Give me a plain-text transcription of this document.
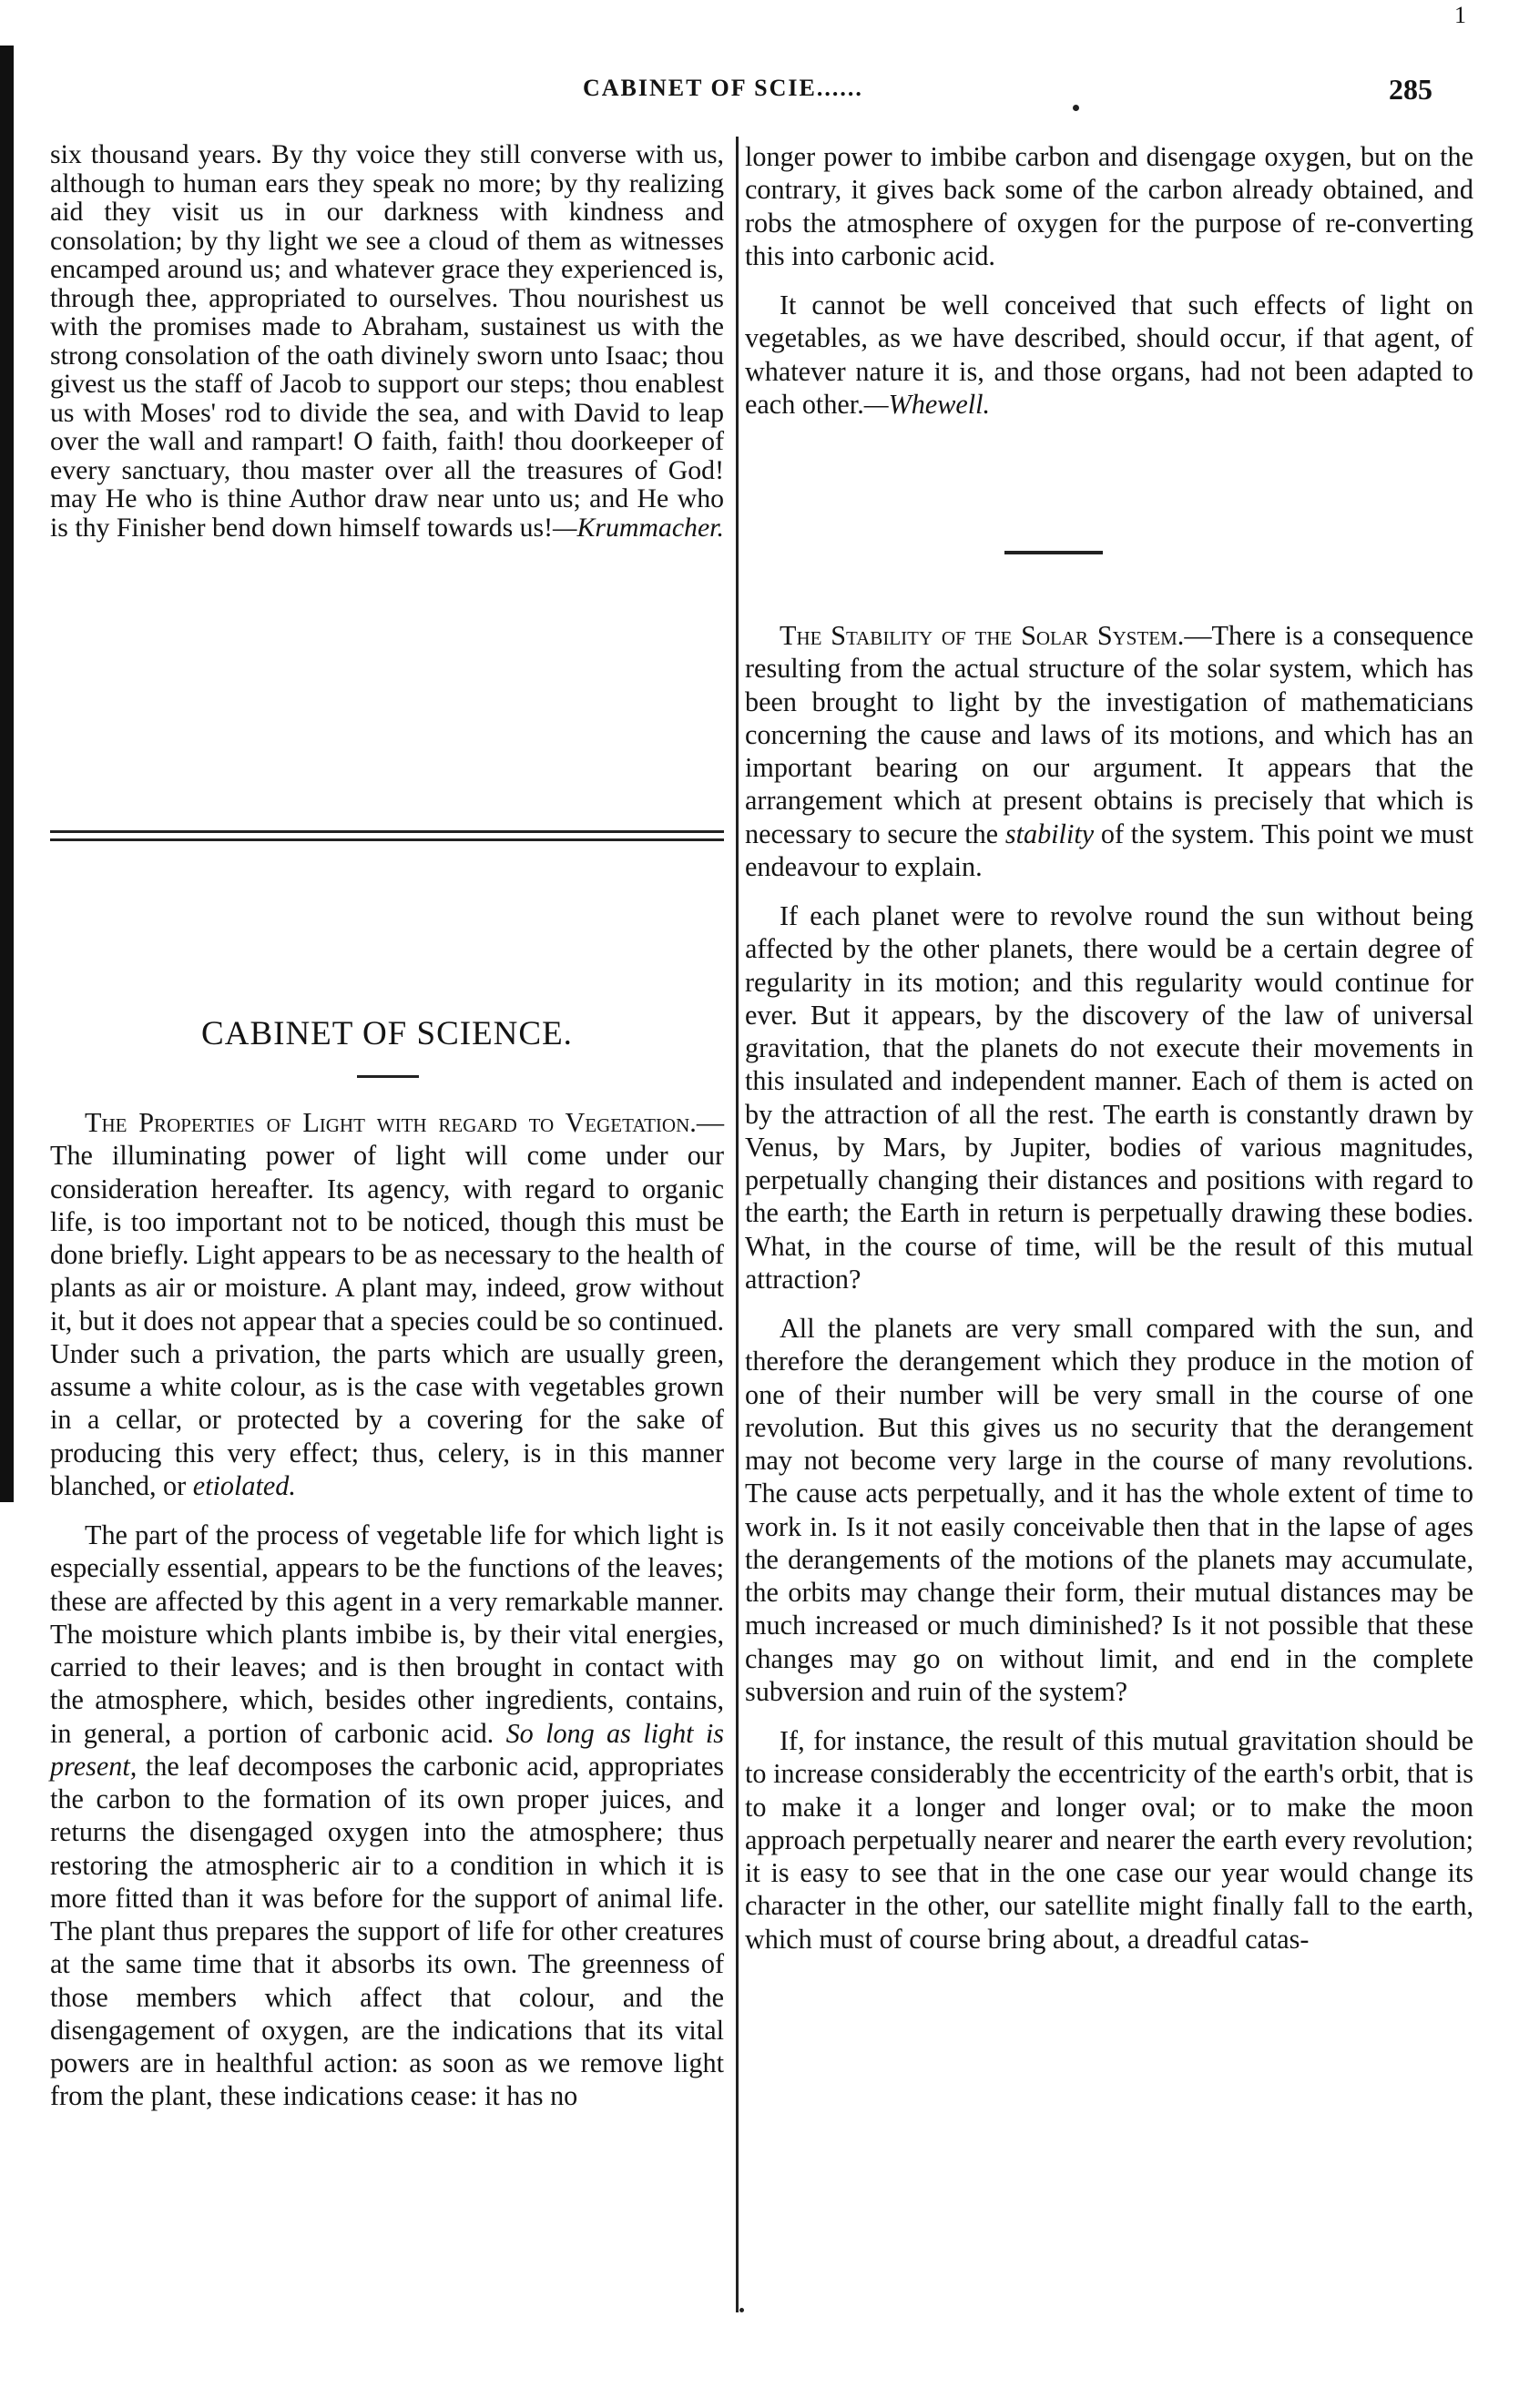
1
CABINET OF SCIE......	285

six thousand years. By thy voice they still converse with us, although to human ears they speak no more; by thy realizing aid they visit us in our darkness with kindness and consolation; by thy light we see a cloud of them as witnesses encamped around us; and whatever grace they experienced is, through thee, appropriated to ourselves. Thou nourishest us with the promises made to Abraham, sustainest us with the strong consolation of the oath divinely sworn unto Isaac; thou givest us the staff of Jacob to support our steps; thou enablest us with Moses' rod to divide the sea, and with David to leap over the wall and rampart! O faith, faith! thou doorkeeper of every sanctuary, thou master over all the treasures of God! may He who is thine Author draw near unto us; and He who is thy Finisher bend down himself towards us!—Krummacher.

CABINET OF SCIENCE.

The Properties of Light with regard to Vegetation.—The illuminating power of light will come under our consideration hereafter. Its agency, with regard to organic life, is too important not to be noticed, though this must be done briefly. Light appears to be as necessary to the health of plants as air or moisture. A plant may, indeed, grow without it, but it does not appear that a species could be so continued. Under such a privation, the parts which are usually green, assume a white colour, as is the case with vegetables grown in a cellar, or protected by a covering for the sake of producing this very effect; thus, celery, is in this manner blanched, or etiolated.

The part of the process of vegetable life for which light is especially essential, appears to be the functions of the leaves; these are affected by this agent in a very remarkable manner. The moisture which plants imbibe is, by their vital energies, carried to their leaves; and is then brought in contact with the atmosphere, which, besides other ingredients, contains, in general, a portion of carbonic acid. So long as light is present, the leaf decomposes the carbonic acid, appropriates the carbon to the formation of its own proper juices, and returns the disengaged oxygen into the atmosphere; thus restoring the atmospheric air to a condition in which it is more fitted than it was before for the support of animal life. The plant thus prepares the support of life for other creatures at the same time that it absorbs its own. The greenness of those members which affect that colour, and the disengagement of oxygen, are the indications that its vital powers are in healthful action: as soon as we remove light from the plant, these indications cease: it has no

longer power to imbibe carbon and disengage oxygen, but on the contrary, it gives back some of the carbon already obtained, and robs the atmosphere of oxygen for the purpose of re-converting this into carbonic acid.

It cannot be well conceived that such effects of light on vegetables, as we have described, should occur, if that agent, of whatever nature it is, and those organs, had not been adapted to each other.—Whewell.

The Stability of the Solar System.—There is a consequence resulting from the actual structure of the solar system, which has been brought to light by the investigation of mathematicians concerning the cause and laws of its motions, and which has an important bearing on our argument. It appears that the arrangement which at present obtains is precisely that which is necessary to secure the stability of the system. This point we must endeavour to explain.

If each planet were to revolve round the sun without being affected by the other planets, there would be a certain degree of regularity in its motion; and this regularity would continue for ever. But it appears, by the discovery of the law of universal gravitation, that the planets do not execute their movements in this insulated and independent manner. Each of them is acted on by the attraction of all the rest. The earth is constantly drawn by Venus, by Mars, by Jupiter, bodies of various magnitudes, perpetually changing their distances and positions with regard to the earth; the Earth in return is perpetually drawing these bodies. What, in the course of time, will be the result of this mutual attraction?

All the planets are very small compared with the sun, and therefore the derangement which they produce in the motion of one of their number will be very small in the course of one revolution. But this gives us no security that the derangement may not become very large in the course of many revolutions. The cause acts perpetually, and it has the whole extent of time to work in. Is it not easily conceivable then that in the lapse of ages the derangements of the motions of the planets may accumulate, the orbits may change their form, their mutual distances may be much increased or much diminished? Is it not possible that these changes may go on without limit, and end in the complete subversion and ruin of the system?

If, for instance, the result of this mutual gravitation should be to increase considerably the eccentricity of the earth's orbit, that is to make it a longer and longer oval; or to make the moon approach perpetually nearer and nearer the earth every revolution; it is easy to see that in the one case our year would change its character in the other, our satellite might finally fall to the earth, which must of course bring about, a dreadful catas-
